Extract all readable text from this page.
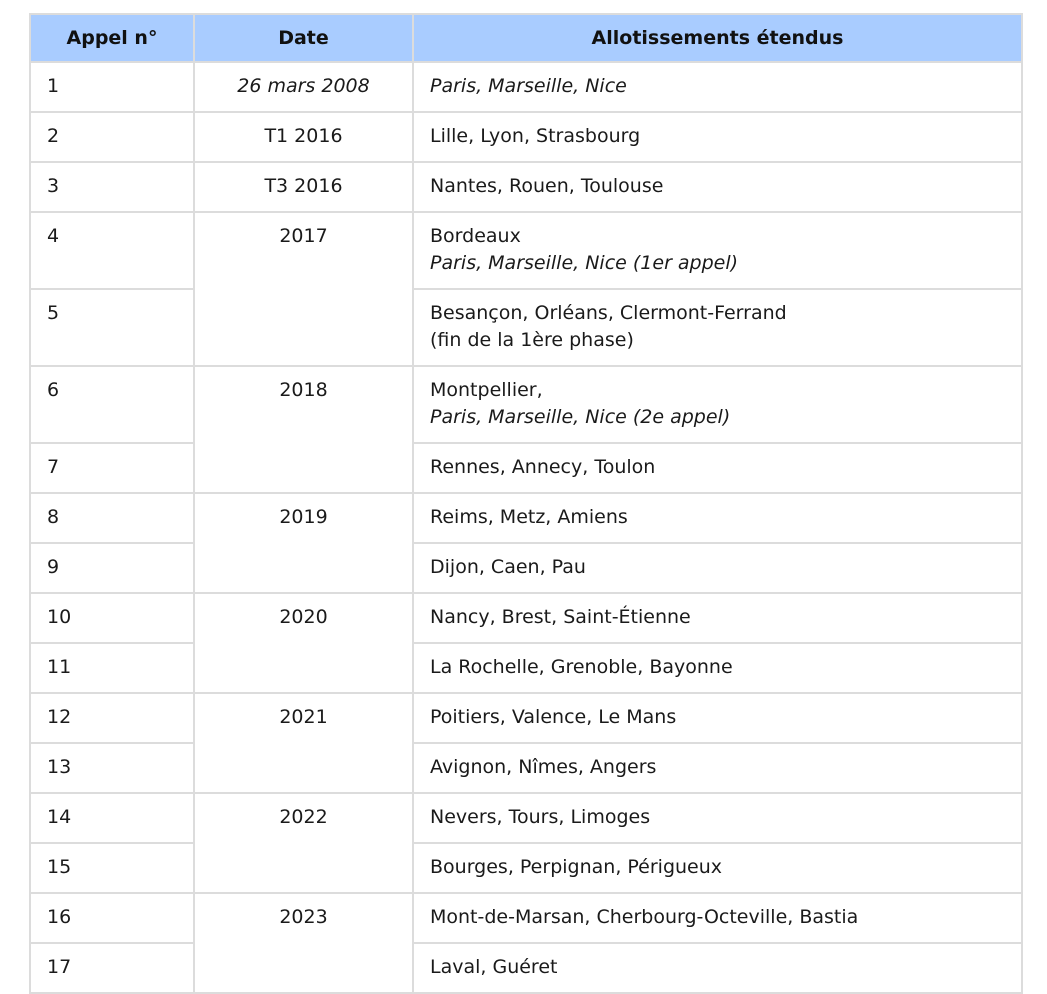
Appel n°	Date	Allotissements étendus

1	26 mars 2008	Paris, Marseille, Nice

2	T1 2016	Lille, Lyon, Strasbourg

3	T3 2016	Nantes, Rouen, Toulouse

4	2017	Bordeaux
Paris, Marseille, Nice (1er appel)

5		Besançon, Orléans, Clermont-Ferrand
(fin de la 1ère phase)

6	2018	Montpellier,
Paris, Marseille, Nice (2e appel)

7		Rennes, Annecy, Toulon

8	2019	Reims, Metz, Amiens

9		Dijon, Caen, Pau

10	2020	Nancy, Brest, Saint-Étienne

11		La Rochelle, Grenoble, Bayonne

12	2021	Poitiers, Valence, Le Mans

13		Avignon, Nîmes, Angers

14	2022	Nevers, Tours, Limoges

15		Bourges, Perpignan, Périgueux

16	2023	Mont-de-Marsan, Cherbourg-Octeville, Bastia

17		Laval, Guéret
